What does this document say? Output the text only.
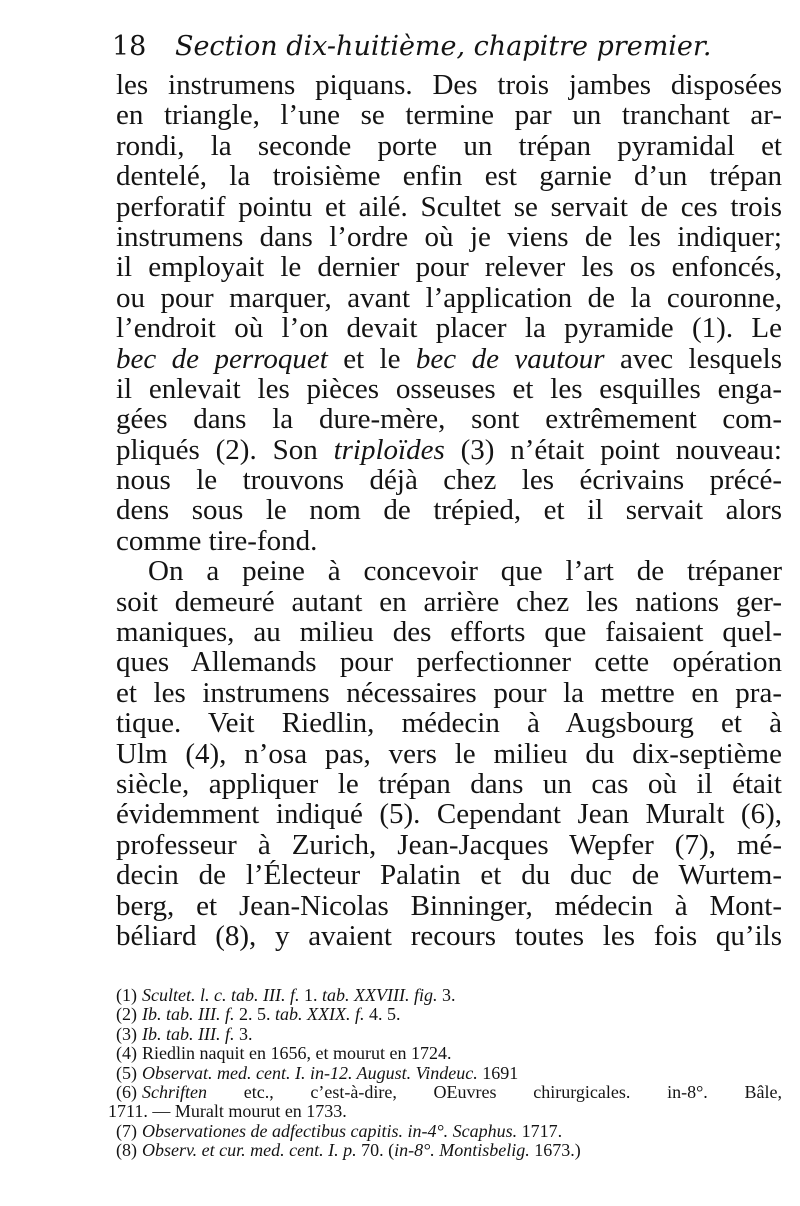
18 Section dix-huitième, chapitre premier.
les instrumens piquans. Des trois jambes disposées
en triangle, l’une se termine par un tranchant ar-
rondi, la seconde porte un trépan pyramidal et
dentelé, la troisième enfin est garnie d’un trépan
perforatif pointu et ailé. Scultet se servait de ces trois
instrumens dans l’ordre où je viens de les indiquer;
il employait le dernier pour relever les os enfoncés,
ou pour marquer, avant l’application de la couronne,
l’endroit où l’on devait placer la pyramide (1). Le
bec de perroquet et le bec de vautour avec lesquels
il enlevait les pièces osseuses et les esquilles enga-
gées dans la dure-mère, sont extrêmement com-
pliqués (2). Son triploïdes (3) n’était point nouveau:
nous le trouvons déjà chez les écrivains précé-
dens sous le nom de trépied, et il servait alors
comme tire-fond.
On a peine à concevoir que l’art de trépaner
soit demeuré autant en arrière chez les nations ger-
maniques, au milieu des efforts que faisaient quel-
ques Allemands pour perfectionner cette opération
et les instrumens nécessaires pour la mettre en pra-
tique. Veit Riedlin, médecin à Augsbourg et à
Ulm (4), n’osa pas, vers le milieu du dix-septième
siècle, appliquer le trépan dans un cas où il était
évidemment indiqué (5). Cependant Jean Muralt (6),
professeur à Zurich, Jean-Jacques Wepfer (7), mé-
decin de l’Électeur Palatin et du duc de Wurtem-
berg, et Jean-Nicolas Binninger, médecin à Mont-
béliard (8), y avaient recours toutes les fois qu’ils
(1) Scultet. l. c. tab. III. f. 1. tab. XXVIII. fig. 3.
(2) Ib. tab. III. f. 2. 5. tab. XXIX. f. 4. 5.
(3) Ib. tab. III. f. 3.
(4) Riedlin naquit en 1656, et mourut en 1724.
(5) Observat. med. cent. I. in-12. August. Vindeuc. 1691
(6) Schriften etc., c’est-à-dire, OEuvres chirurgicales. in-8°. Bâle,
1711. — Muralt mourut en 1733.
(7) Observationes de adfectibus capitis. in-4°. Scaphus. 1717.
(8) Observ. et cur. med. cent. I. p. 70. (in-8°. Montisbelig. 1673.)
